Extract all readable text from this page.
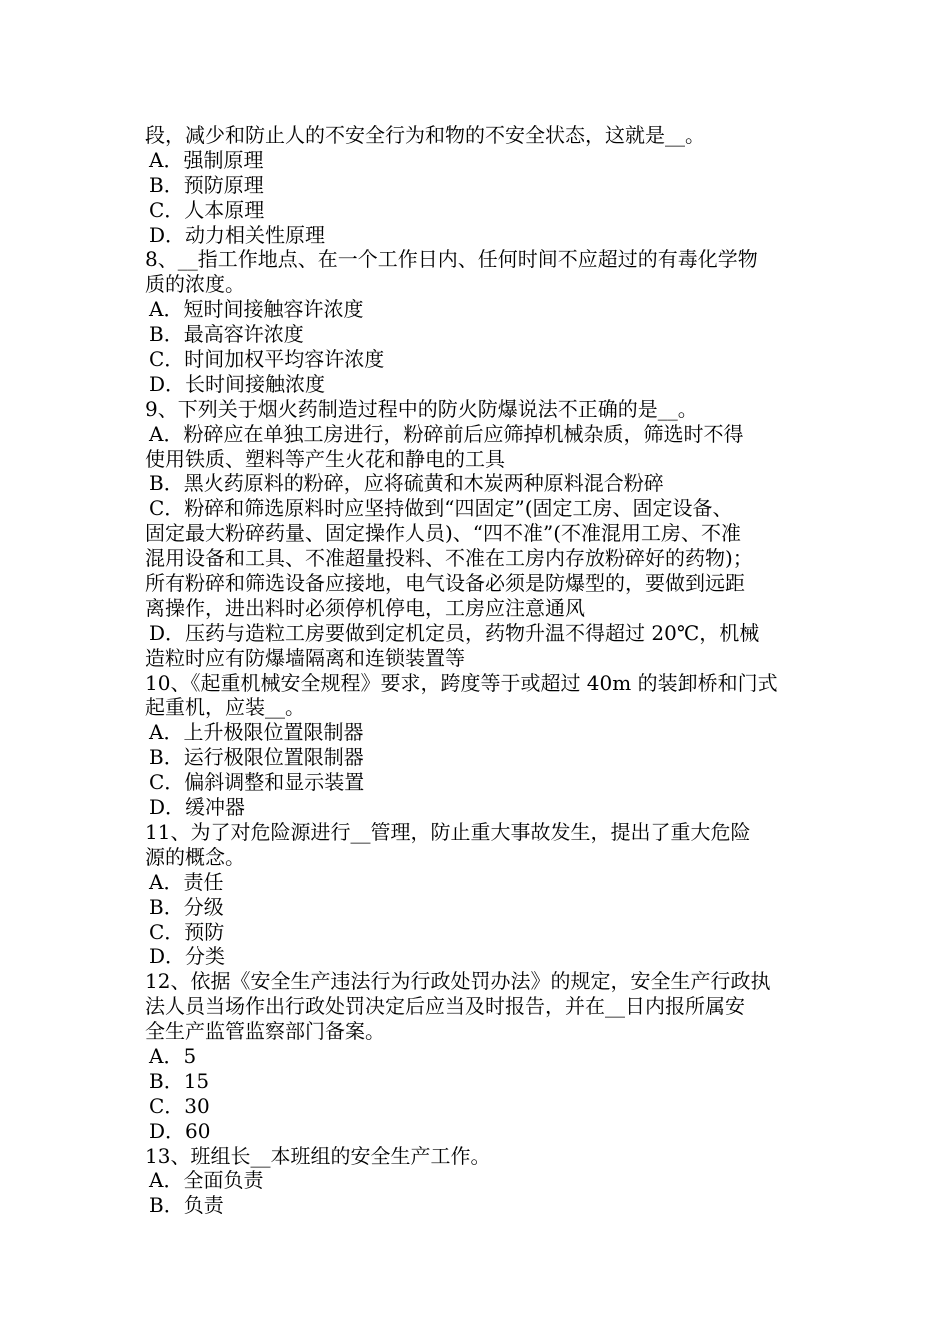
段，减少和防止人的不安全行为和物的不安全状态，这就是__。
A．强制原理
B．预防原理
C．人本原理
D．动力相关性原理
8、__指工作地点、在一个工作日内、任何时间不应超过的有毒化学物
质的浓度。
A．短时间接触容许浓度
B．最高容许浓度
C．时间加权平均容许浓度
D．长时间接触浓度
9、下列关于烟火药制造过程中的防火防爆说法不正确的是__。
A．粉碎应在单独工房进行，粉碎前后应筛掉机械杂质，筛选时不得
使用铁质、塑料等产生火花和静电的工具
B．黑火药原料的粉碎，应将硫黄和木炭两种原料混合粉碎
C．粉碎和筛选原料时应坚持做到“四固定”(固定工房、固定设备、
固定最大粉碎药量、固定操作人员)、“四不准”(不准混用工房、不准
混用设备和工具、不准超量投料、不准在工房内存放粉碎好的药物)；
所有粉碎和筛选设备应接地，电气设备必须是防爆型的，要做到远距
离操作，进出料时必须停机停电，工房应注意通风
D．压药与造粒工房要做到定机定员，药物升温不得超过 20℃，机械
造粒时应有防爆墙隔离和连锁装置等
10、《起重机械安全规程》要求，跨度等于或超过 40m 的装卸桥和门式
起重机，应装__。
A．上升极限位置限制器
B．运行极限位置限制器
C．偏斜调整和显示装置
D．缓冲器
11、为了对危险源进行__管理，防止重大事故发生，提出了重大危险
源的概念。
A．责任
B．分级
C．预防
D．分类
12、依据《安全生产违法行为行政处罚办法》的规定，安全生产行政执
法人员当场作出行政处罚决定后应当及时报告，并在__日内报所属安
全生产监管监察部门备案。
A．5
B．15
C．30
D．60
13、班组长__本班组的安全生产工作。
A．全面负责
B．负责
